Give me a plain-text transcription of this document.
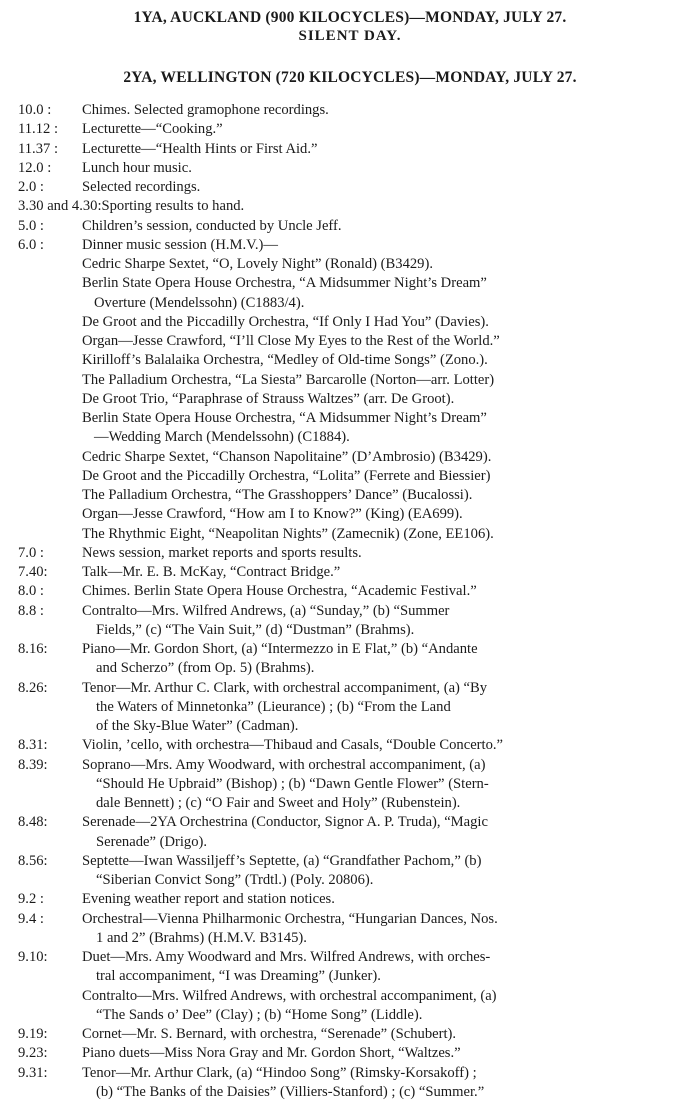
1YA, AUCKLAND (900 KILOCYCLES)—MONDAY, JULY 27.
SILENT DAY.
2YA, WELLINGTON (720 KILOCYCLES)—MONDAY, JULY 27.
10.0 :	Chimes. Selected gramophone recordings.
11.12 :	Lecturette—“Cooking.”
11.37 :	Lecturette—“Health Hints or First Aid.”
12.0 :	Lunch hour music.
2.0 :	Selected recordings.
3.30 and 4.30: Sporting results to hand.
5.0 :	Children’s session, conducted by Uncle Jeff.
6.0 :	Dinner music session (H.M.V.)—
Cedric Sharpe Sextet, “O, Lovely Night” (Ronald) (B3429).
Berlin State Opera House Orchestra, “A Midsummer Night’s Dream”
Overture (Mendelssohn) (C1883/4).
De Groot and the Piccadilly Orchestra, “If Only I Had You” (Davies).
Organ—Jesse Crawford, “I’ll Close My Eyes to the Rest of the World.”
Kirilloff’s Balalaika Orchestra, “Medley of Old-time Songs” (Zono.).
The Palladium Orchestra, “La Siesta” Barcarolle (Norton—arr. Lotter)
De Groot Trio, “Paraphrase of Strauss Waltzes” (arr. De Groot).
Berlin State Opera House Orchestra, “A Midsummer Night’s Dream”
—Wedding March (Mendelssohn) (C1884).
Cedric Sharpe Sextet, “Chanson Napolitaine” (D’Ambrosio) (B3429).
De Groot and the Piccadilly Orchestra, “Lolita” (Ferrete and Biessier)
The Palladium Orchestra, “The Grasshoppers’ Dance” (Bucalossi).
Organ—Jesse Crawford, “How am I to Know?” (King) (EA699).
The Rhythmic Eight, “Neapolitan Nights” (Zamecnik) (Zone, EE106).
7.0 :	News session, market reports and sports results.
7.40:	Talk—Mr. E. B. McKay, “Contract Bridge.”
8.0 :	Chimes. Berlin State Opera House Orchestra, “Academic Festival.”
8.8 :	Contralto—Mrs. Wilfred Andrews, (a) “Sunday,” (b) “Summer
Fields,” (c) “The Vain Suit,” (d) “Dustman” (Brahms).
8.16:	Piano—Mr. Gordon Short, (a) “Intermezzo in E Flat,” (b) “Andante
and Scherzo” (from Op. 5) (Brahms).
8.26:	Tenor—Mr. Arthur C. Clark, with orchestral accompaniment, (a) “By
the Waters of Minnetonka” (Lieurance) ; (b) “From the Land
of the Sky-Blue Water” (Cadman).
8.31:	Violin, ’cello, with orchestra—Thibaud and Casals, “Double Concerto.”
8.39:	Soprano—Mrs. Amy Woodward, with orchestral accompaniment, (a)
“Should He Upbraid” (Bishop) ; (b) “Dawn Gentle Flower” (Stern-
dale Bennett) ; (c) “O Fair and Sweet and Holy” (Rubenstein).
8.48:	Serenade—2YA Orchestrina (Conductor, Signor A. P. Truda), “Magic
Serenade” (Drigo).
8.56:	Septette—Iwan Wassiljeff’s Septette, (a) “Grandfather Pachom,” (b)
“Siberian Convict Song” (Trdtl.) (Poly. 20806).
9.2 :	Evening weather report and station notices.
9.4 :	Orchestral—Vienna Philharmonic Orchestra, “Hungarian Dances, Nos.
1 and 2” (Brahms) (H.M.V. B3145).
9.10:	Duet—Mrs. Amy Woodward and Mrs. Wilfred Andrews, with orches-
tral accompaniment, “I was Dreaming” (Junker).
Contralto—Mrs. Wilfred Andrews, with orchestral accompaniment, (a)
“The Sands o’ Dee” (Clay) ; (b) “Home Song” (Liddle).
9.19:	Cornet—Mr. S. Bernard, with orchestra, “Serenade” (Schubert).
9.23:	Piano duets—Miss Nora Gray and Mr. Gordon Short, “Waltzes.”
9.31:	Tenor—Mr. Arthur Clark, (a) “Hindoo Song” (Rimsky-Korsakoff) ;
(b) “The Banks of the Daisies” (Villiers-Stanford) ; (c) “Summer.”
